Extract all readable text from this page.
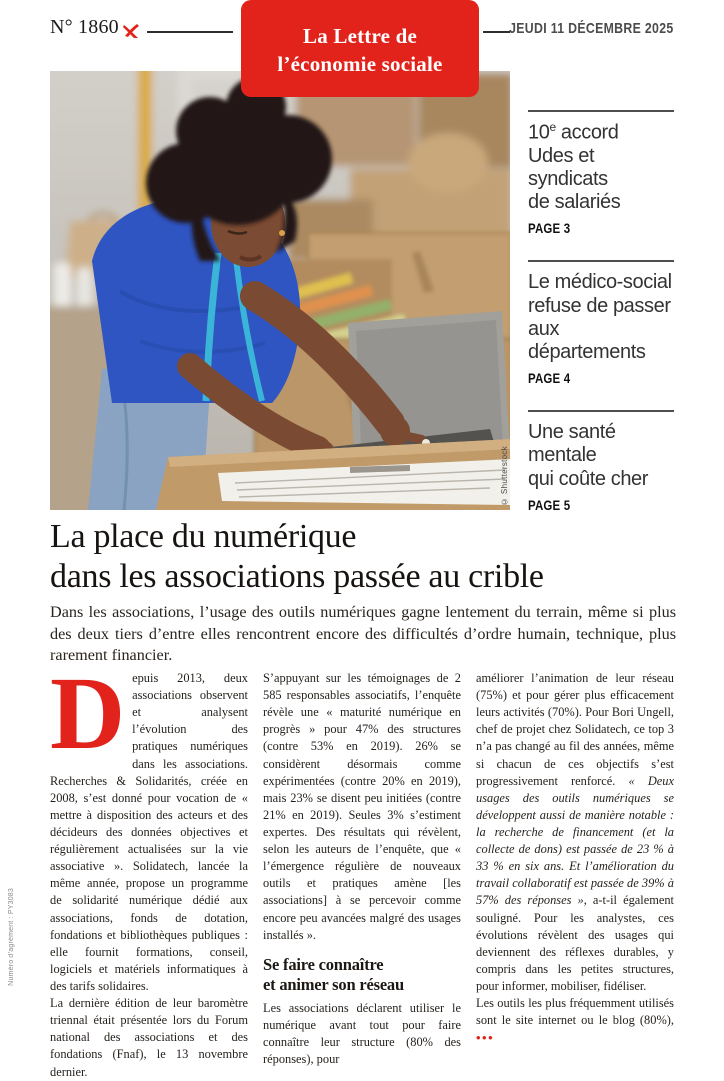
N° 1860	La Lettre de
l’économie sociale
JEUDI 11 DÉCEMBRE 2025
© Shutterstock
10e accord
Udes et syndicats
de salariés
PAGE 3
Le médico-social
refuse de passer
aux départements
PAGE 4
Une santé
mentale
qui coûte cher
PAGE 5
La place du numérique
dans les associations passée au crible
Dans les associations, l’usage des outils numériques gagne lentement du terrain, même si plus des deux tiers d’entre elles rencontrent encore des difficultés d’ordre humain, technique, plus rarement financier.

Depuis 2013, deux associations observent et analysent l’évolution des pratiques numériques dans les associations. Recherches & Solidarités, créée en 2008, s’est donné pour vocation de « mettre à disposition des acteurs et des décideurs des données objectives et régulièrement actualisées sur la vie associative ». Solidatech, lancée la même année, propose un programme de solidarité numérique dédié aux associations, fonds de dotation, fondations et bibliothèques publiques : elle fournit formations, conseil, logiciels et matériels informatiques à des tarifs solidaires.

La dernière édition de leur baromètre triennal était présentée lors du Forum national des associations et des fondations (Fnaf), le 13 novembre dernier.

S’appuyant sur les témoignages de 2 585 responsables associatifs, l’enquête révèle une « maturité numérique en progrès » pour 47% des structures (contre 53% en 2019). 26% se considèrent désormais comme expérimentées (contre 20% en 2019), mais 23% se disent peu initiées (contre 21% en 2019). Seules 3% s’estiment expertes. Des résultats qui révèlent, selon les auteurs de l’enquête, que « l’émergence régulière de nouveaux outils et pratiques amène [les associations] à se percevoir comme encore peu avancées malgré des usages installés ».

Se faire connaître
et animer son réseau

Les associations déclarent utiliser le numérique avant tout pour faire connaître leur structure (80% des réponses), pour

améliorer l’animation de leur réseau (75%) et pour gérer plus efficacement leurs activités (70%). Pour Bori Ungell, chef de projet chez Solidatech, ce top 3 n’a pas changé au fil des années, même si chacun de ces objectifs s’est progressivement renforcé. « Deux usages des outils numériques se développent aussi de manière notable : la recherche de financement (et la collecte de dons) est passée de 23 % à 33 % en six ans. Et l’amélioration du travail collaboratif est passée de 39% à 57% des réponses », a-t-il également souligné. Pour les analystes, ces évolutions révèlent des usages qui deviennent des réflexes durables, y compris dans les petites structures, pour informer, mobiliser, fidéliser.

Les outils les plus fréquemment utilisés sont le site internet ou le blog (80%), •••

Numéro d’agrément : PY3083
